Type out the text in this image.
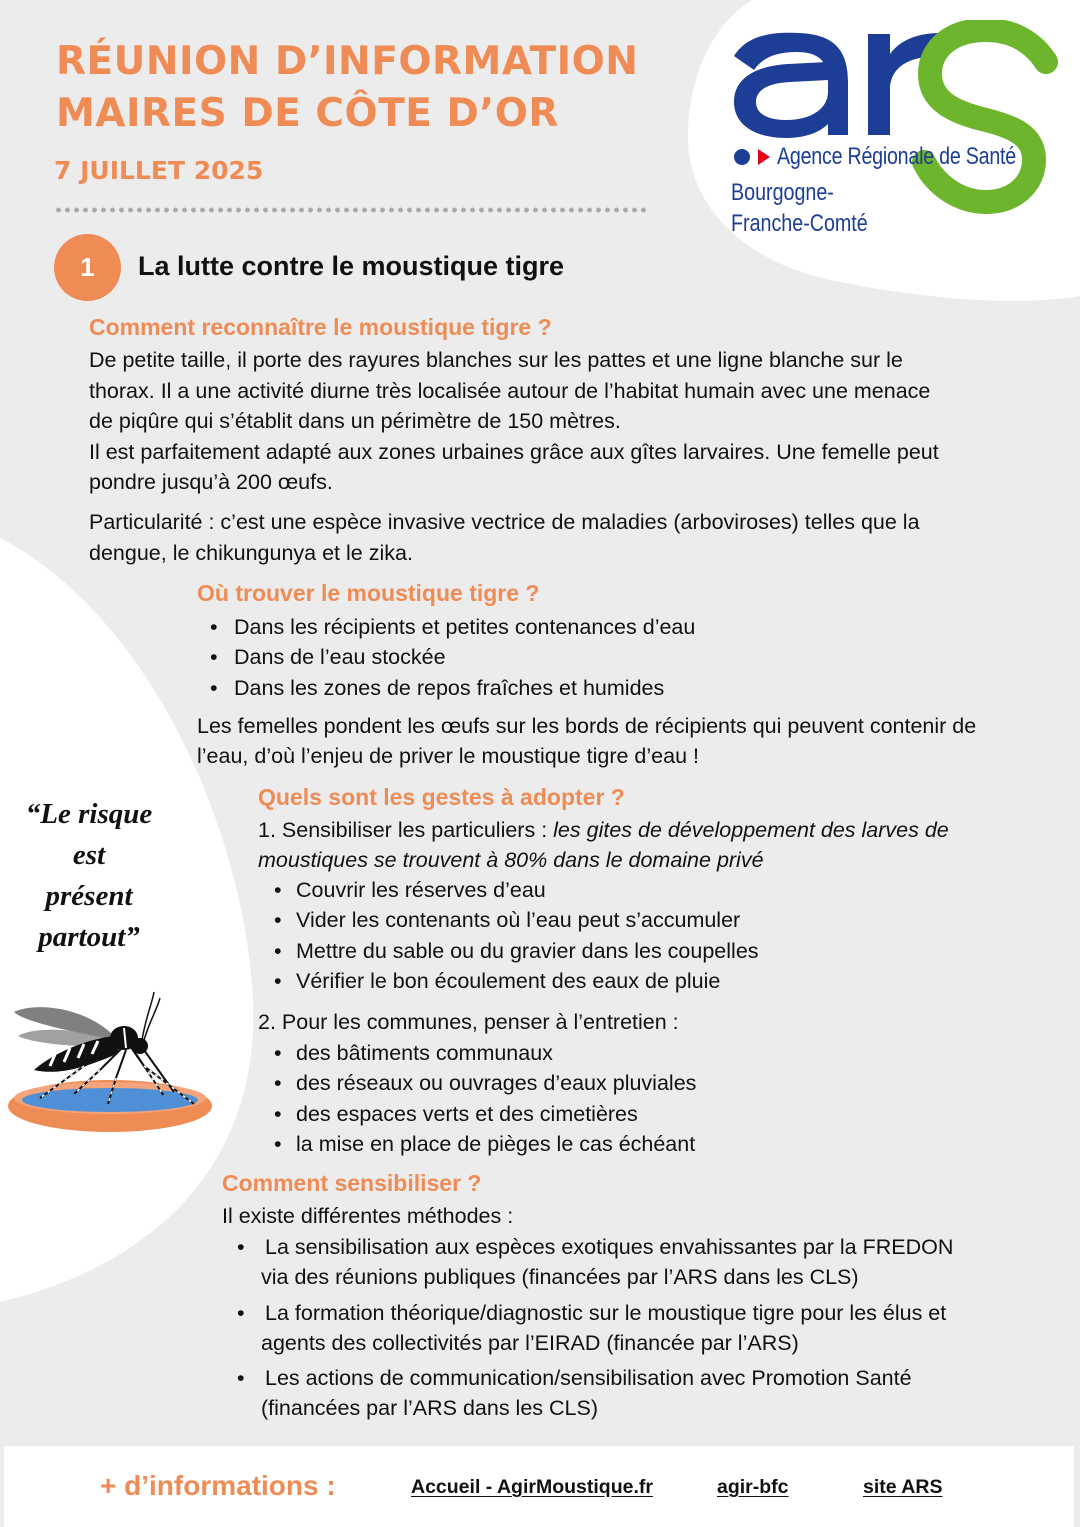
RÉUNION D’INFORMATION
MAIRES DE CÔTE D’OR
7 JUILLET 2025	Agence Régionale de Santé
Bourgogne-
Franche-Comté
1	La lutte contre le moustique tigre
Comment reconnaître le moustique tigre ?
De petite taille, il porte des rayures blanches sur les pattes et une ligne blanche sur le
thorax. Il a une activité diurne très localisée autour de l’habitat humain avec une menace
de piqûre qui s’établit dans un périmètre de 150 mètres.
Il est parfaitement adapté aux zones urbaines grâce aux gîtes larvaires. Une femelle peut
pondre jusqu’à 200 œufs.
Particularité : c’est une espèce invasive vectrice de maladies (arboviroses) telles que la
dengue, le chikungunya et le zika.
Où trouver le moustique tigre ?
• Dans les récipients et petites contenances d’eau
• Dans de l’eau stockée
• Dans les zones de repos fraîches et humides
Les femelles pondent les œufs sur les bords de récipients qui peuvent contenir de
l’eau, d’où l’enjeu de priver le moustique tigre d’eau !
“Le risque
est
présent
partout”
Quels sont les gestes à adopter ?
1. Sensibiliser les particuliers : les gites de développement des larves de
moustiques se trouvent à 80% dans le domaine privé
• Couvrir les réserves d’eau
• Vider les contenants où l’eau peut s’accumuler
• Mettre du sable ou du gravier dans les coupelles
• Vérifier le bon écoulement des eaux de pluie
2. Pour les communes, penser à l’entretien :
• des bâtiments communaux
• des réseaux ou ouvrages d’eaux pluviales
• des espaces verts et des cimetières
• la mise en place de pièges le cas échéant
Comment sensibiliser ?
Il existe différentes méthodes :
• La sensibilisation aux espèces exotiques envahissantes par la FREDON
via des réunions publiques (financées par l’ARS dans les CLS)
• La formation théorique/diagnostic sur le moustique tigre pour les élus et
agents des collectivités par l’EIRAD (financée par l’ARS)
• Les actions de communication/sensibilisation avec Promotion Santé
(financées par l’ARS dans les CLS)
+ d’informations :	Accueil - AgirMoustique.fr	agir-bfc	site ARS
